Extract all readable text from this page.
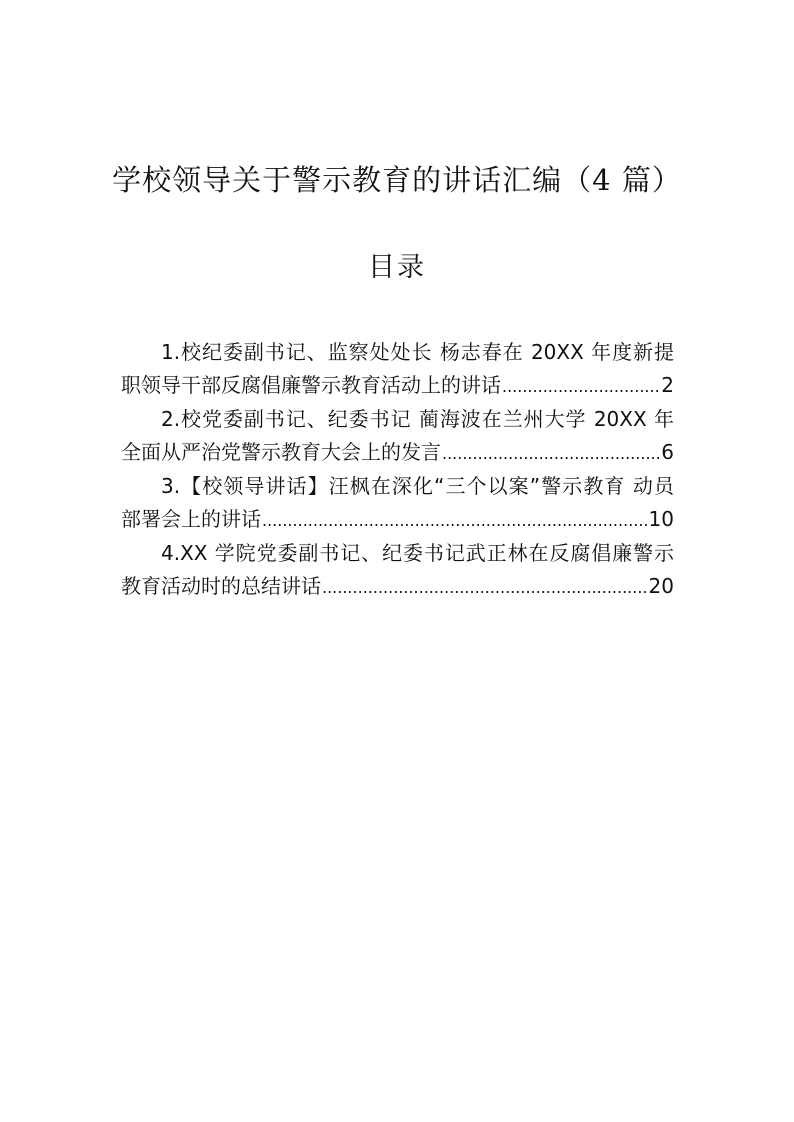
学校领导关于警示教育的讲话汇编（4 篇）
目录
1.校纪委副书记、监察处处长 杨志春在 20XX 年度新提
职领导干部反腐倡廉警示教育活动上的讲话 .....	2
2.校党委副书记、纪委书记 蔺海波在兰州大学 20XX 年
全面从严治党警示教育大会上的发言 .....	6
3.【校领导讲话】汪枫在深化“三个以案”警示教育 动员
部署会上的讲话 .....	10
4.XX 学院党委副书记、纪委书记武正林在反腐倡廉警示
教育活动时的总结讲话 .....	20
